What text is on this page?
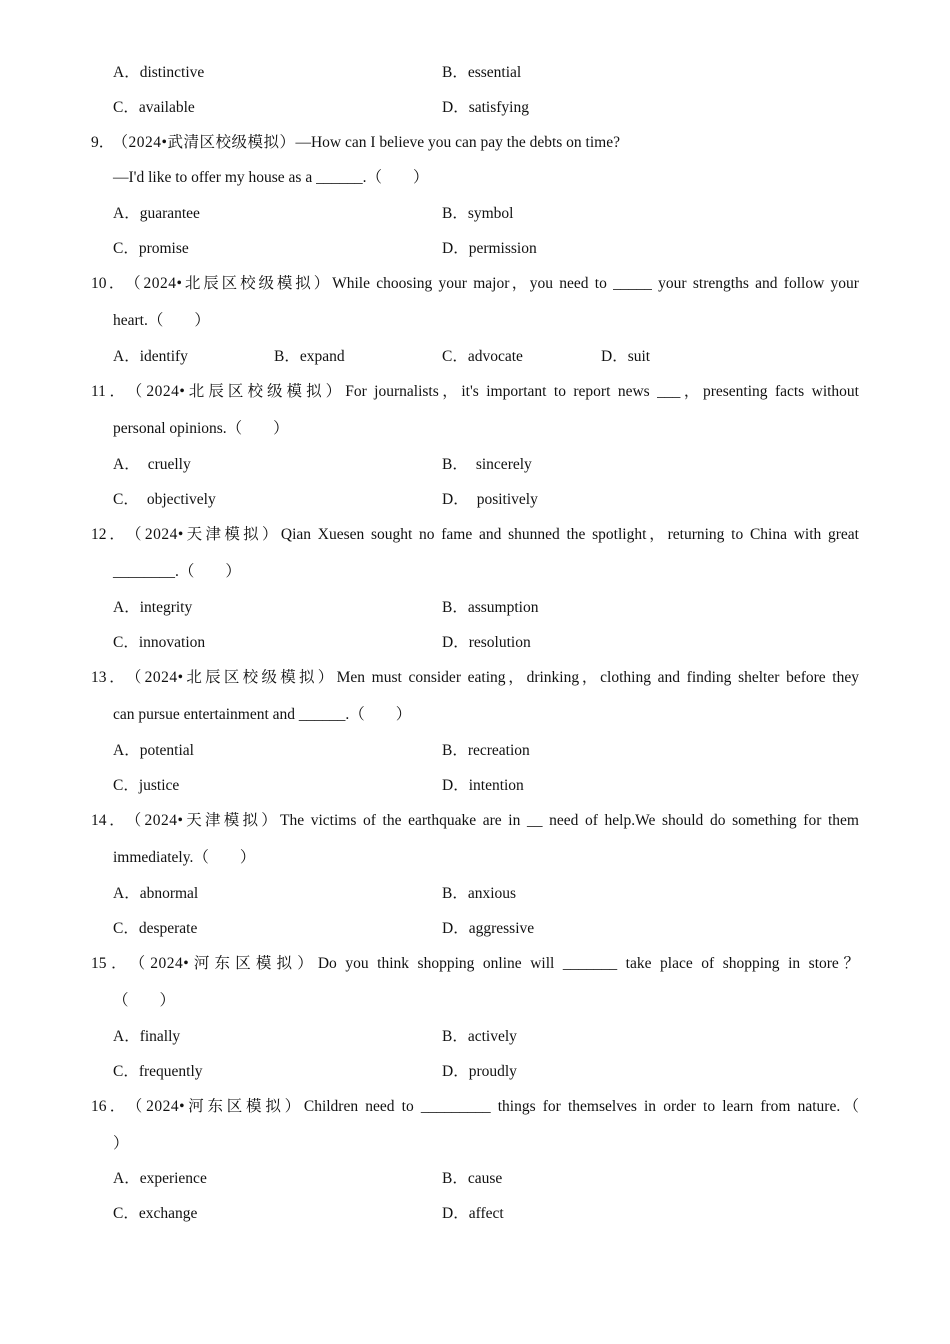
A．distinctive	B．essential
C．available	D．satisfying
9． （2024•武清区校级模拟）—How can I believe you can pay the debts on time?
—I'd like to offer my house as a ______.（　　）
A．guarantee	B．symbol
C．promise	D．permission
10． （2024•北辰区校级模拟）While choosing your major，you need to _____ your strengths and follow your
heart.（　　）
A．identify	B．expand	C．advocate	D．suit
11． （2024•北辰区校级模拟）For journalists，it's important to report news ___，presenting facts without
personal opinions.（　　）
A． cruelly	B． sincerely
C． objectively	D． positively
12． （2024•天津模拟）Qian Xuesen sought no fame and shunned the spotlight，returning to China with great
________.（　　）
A．integrity	B．assumption
C．innovation	D．resolution
13． （2024•北辰区校级模拟）Men must consider eating，drinking，clothing and finding shelter before they
can pursue entertainment and ______.（　　）
A．potential	B．recreation
C．justice	D．intention
14． （2024•天津模拟）The victims of the earthquake are in __ need of help.We should do something for them
immediately.（　　）
A．abnormal	B．anxious
C．desperate	D．aggressive
15． （2024•河东区模拟）Do you think shopping online will _______ take place of shopping in store？
（　　）
A．finally	B．actively
C．frequently	D．proudly
16． （2024•河东区模拟）Children need to _________ things for themselves in order to learn from nature.（
）
A．experience	B．cause
C．exchange	D．affect
